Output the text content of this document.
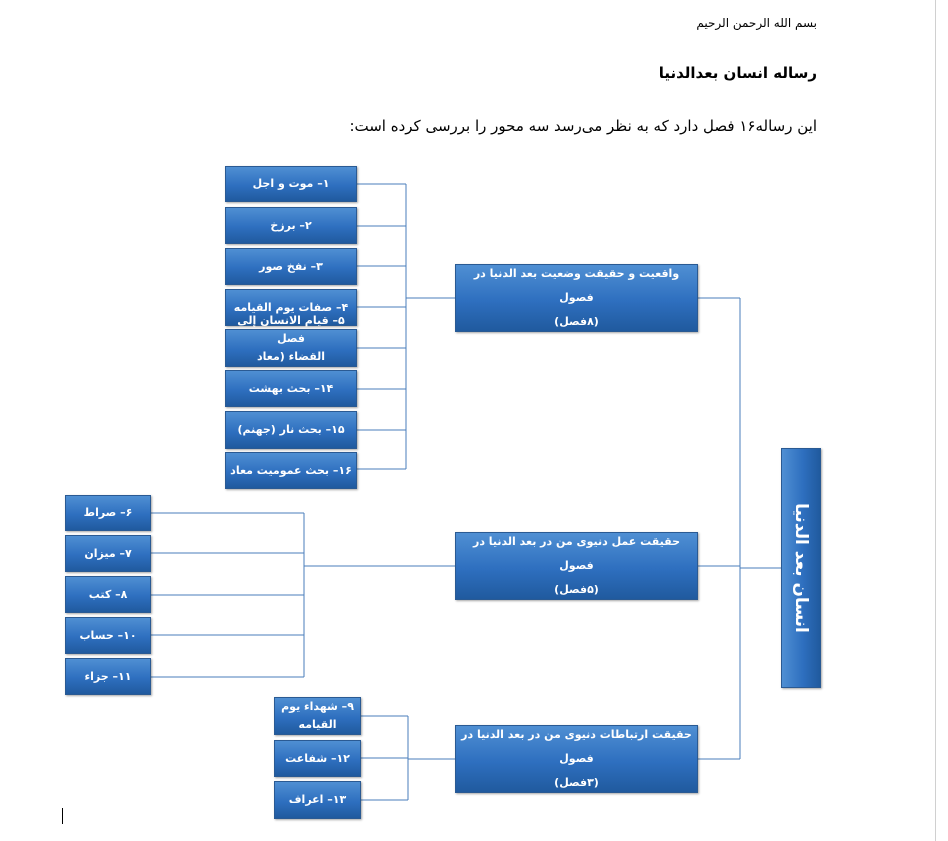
بسم الله الرحمن الرحيم
رساله انسان بعدالدنیا
این رساله۱۶ فصل دارد که به نظر می‌رسد سه محور را بررسی کرده است:
۱– موت و اجل
۲– برزخ
۳– نفخ صور
۴– صفات یوم القیامه
۵– قیام الانسان إلی فصل
القضاء (معاد
۱۴– بحث بهشت
۱۵– بحث نار (جهنم)
۱۶– بحث عمومیت معاد
۶– صراط
۷– میزان
۸– کتب
۱۰– حساب
۱۱– جزاء
۹– شهداء یوم
القیامه
۱۲– شفاعت
۱۳– اعراف
واقعیت و حقیقت وضعیت بعد الدنیا در فصول
(۸فصل)
حقیقت عمل دنیوی من در بعد الدنیا در فصول
(۵فصل)
حقیقت ارتباطات دنیوی من در بعد الدنیا در فصول
(۳فصل)
انسان بعد الدنیا
